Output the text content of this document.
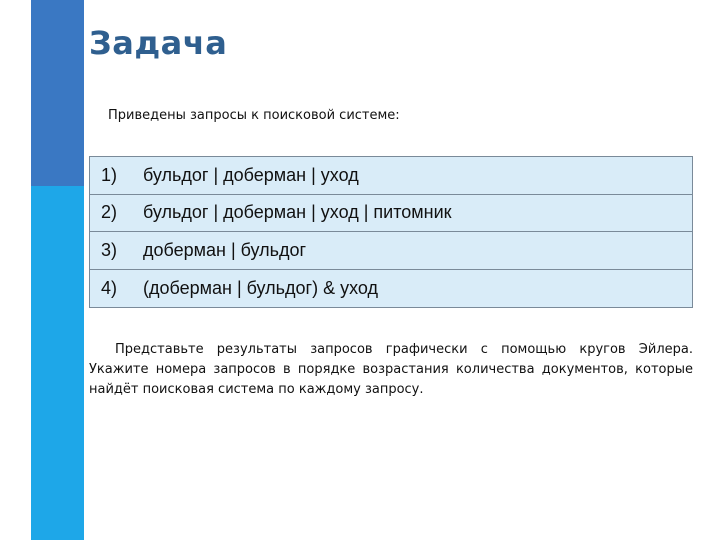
Задача
Приведены запросы к поисковой системе:
1)	бульдог | доберман | уход
2)	бульдог | доберман | уход | питомник
3)	доберман | бульдог
4)	(доберман | бульдог) & уход

Представьте результаты запросов графически с помощью кругов Эйлера. Укажите номера запросов в порядке возрастания количества документов, которые найдёт поисковая система по каждому запросу.
